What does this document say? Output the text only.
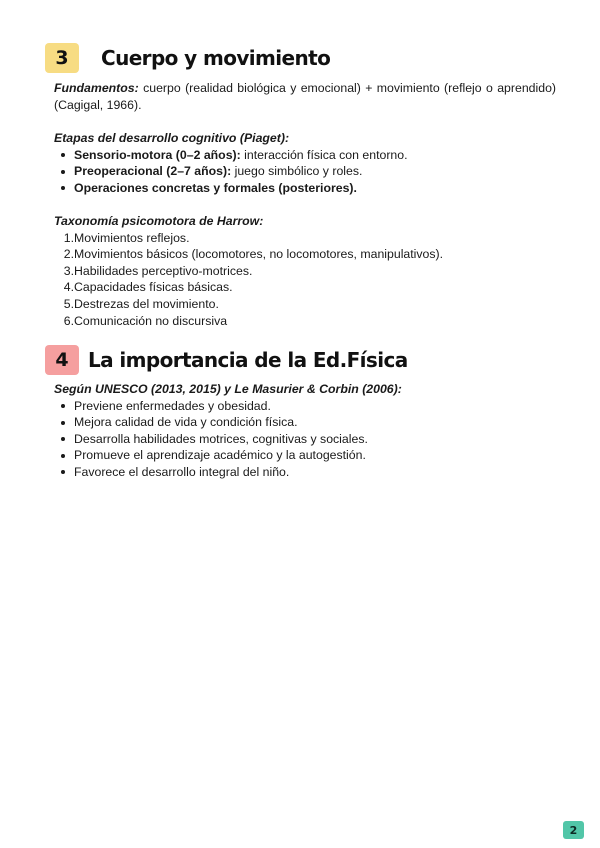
3	Cuerpo y movimiento
Fundamentos: cuerpo (realidad biológica y emocional) + movimiento (reflejo o aprendido) (Cagigal, 1966).
Etapas del desarrollo cognitivo (Piaget):
Sensorio-motora (0–2 años): interacción física con entorno.
Preoperacional (2–7 años): juego simbólico y roles.
Operaciones concretas y formales (posteriores).
Taxonomía psicomotora de Harrow:
1. Movimientos reflejos.
2. Movimientos básicos (locomotores, no locomotores, manipulativos).
3. Habilidades perceptivo-motrices.
4. Capacidades físicas básicas.
5. Destrezas del movimiento.
6. Comunicación no discursiva
4 La importancia de la Ed.Física
Según UNESCO (2013, 2015) y Le Masurier & Corbin (2006):
Previene enfermedades y obesidad.
Mejora calidad de vida y condición física.
Desarrolla habilidades motrices, cognitivas y sociales.
Promueve el aprendizaje académico y la autogestión.
Favorece el desarrollo integral del niño.
2
